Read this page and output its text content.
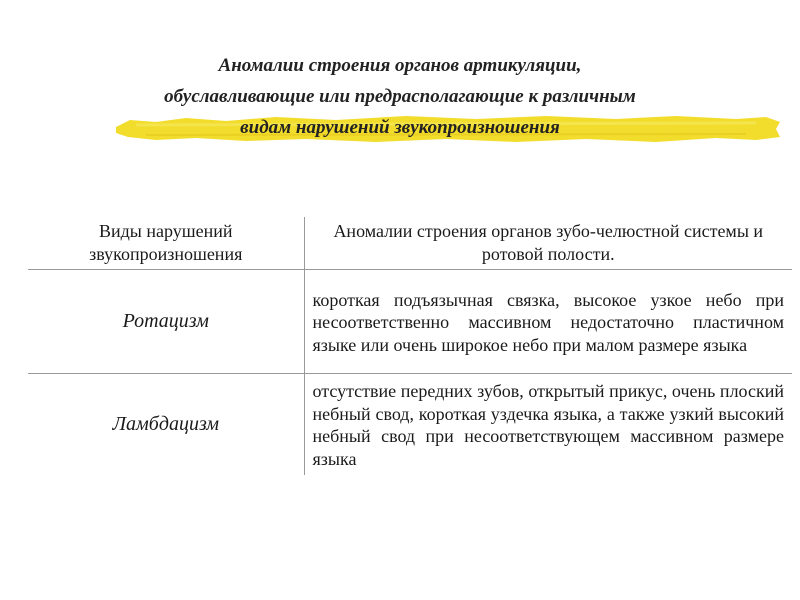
Аномалии строения органов артикуляции,
обуславливающие или предрасполагающие к различным
видам нарушений звукопроизношения
Виды нарушений звукопроизношения	Аномалии строения органов зубо-челюстной системы и ротовой полости.
Ротацизм	короткая подъязычная связка, высокое узкое небо при несоответственно массивном недостаточно пластичном языке или очень широкое небо при малом размере языка
Ламбдацизм	отсутствие передних зубов, открытый прикус, очень плоский небный свод, короткая уздечка языка, а также узкий высокий небный свод при несоответствующем массивном размере языка
